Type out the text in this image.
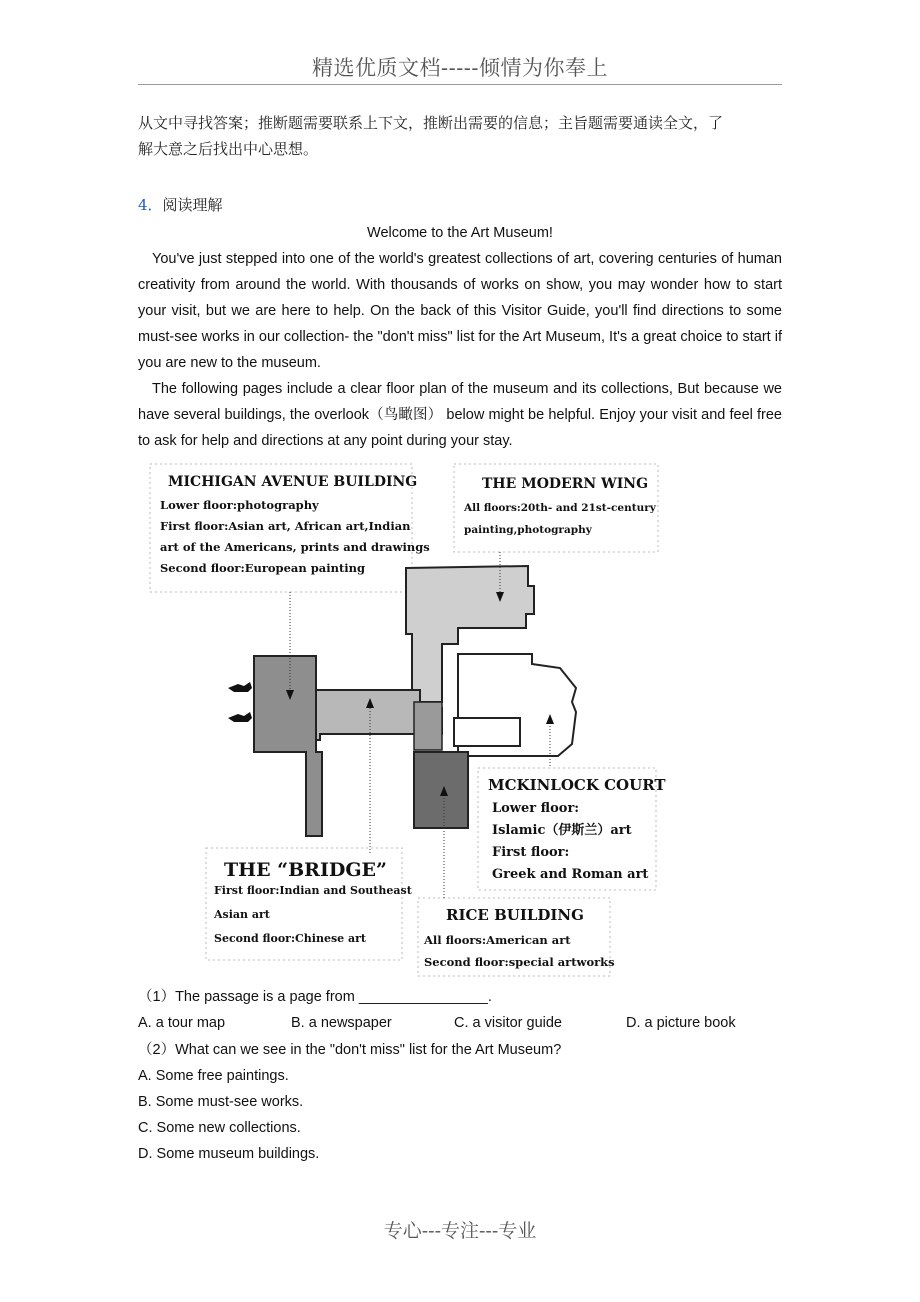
精选优质文档-----倾情为你奉上
从文中寻找答案；推断题需要联系上下文，推断出需要的信息；主旨题需要通读全文，了
解大意之后找出中心思想。
4．阅读理解
Welcome to the Art Museum!
You've just stepped into one of the world's greatest collections of art, covering centuries of human creativity from around the world. With thousands of works on show, you may wonder how to start your visit, but we are here to help. On the back of this Visitor Guide, you'll find directions to some must-see works in our collection- the "don't miss" list for the Art Museum, It's a great choice to start if you are new to the museum.
The following pages include a clear floor plan of the museum and its collections, But because we have several buildings, the overlook（鸟瞰图） below might be helpful. Enjoy your visit and feel free to ask for help and directions at any point during your stay.
MICHIGAN AVENUE BUILDING
Lower floor:photography
First floor:Asian art, African art,Indian
art of the Americans, prints and drawings
Second floor:European painting
THE MODERN WING
All floors:20th- and 21st-century
painting,photography
MCKINLOCK COURT
Lower floor:
Islamic（伊斯兰）art
First floor:
Greek and Roman art
THE “BRIDGE”
First floor:Indian and Southeast
Asian art
Second floor:Chinese art
RICE BUILDING
All floors:American art
Second floor:special artworks
（1）The passage is a page from ________________.
A. a tour map	B. a newspaper	C. a visitor guide	D. a picture book
（2）What can we see in the "don't miss" list for the Art Museum?
A. Some free paintings.
B. Some must-see works.
C. Some new collections.
D. Some museum buildings.
专心---专注---专业
